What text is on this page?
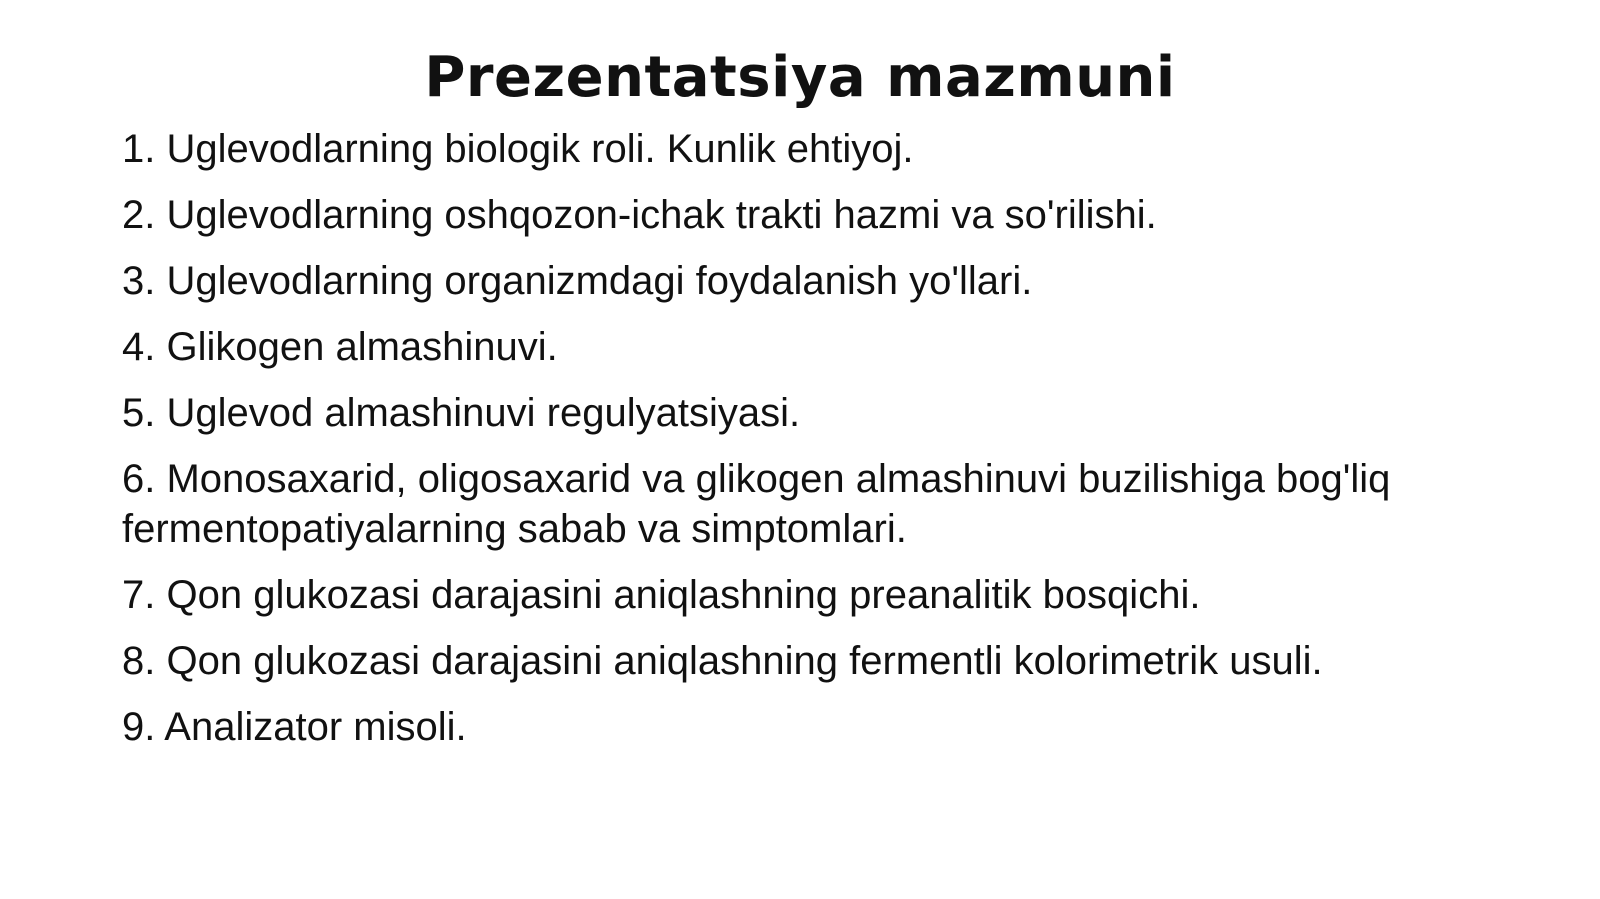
Prezentatsiya mazmuni
1. Uglevodlarning biologik roli. Kunlik ehtiyoj.
2. Uglevodlarning oshqozon-ichak trakti hazmi va so'rilishi.
3. Uglevodlarning organizmdagi foydalanish yo'llari.
4. Glikogen almashinuvi.
5. Uglevod almashinuvi regulyatsiyasi.
6. Monosaxarid, oligosaxarid va glikogen almashinuvi buzilishiga bog'liq fermentopatiyalarning sabab va simptomlari.
7. Qon glukozasi darajasini aniqlashning preanalitik bosqichi.
8. Qon glukozasi darajasini aniqlashning fermentli kolorimetrik usuli.
9. Analizator misoli.
